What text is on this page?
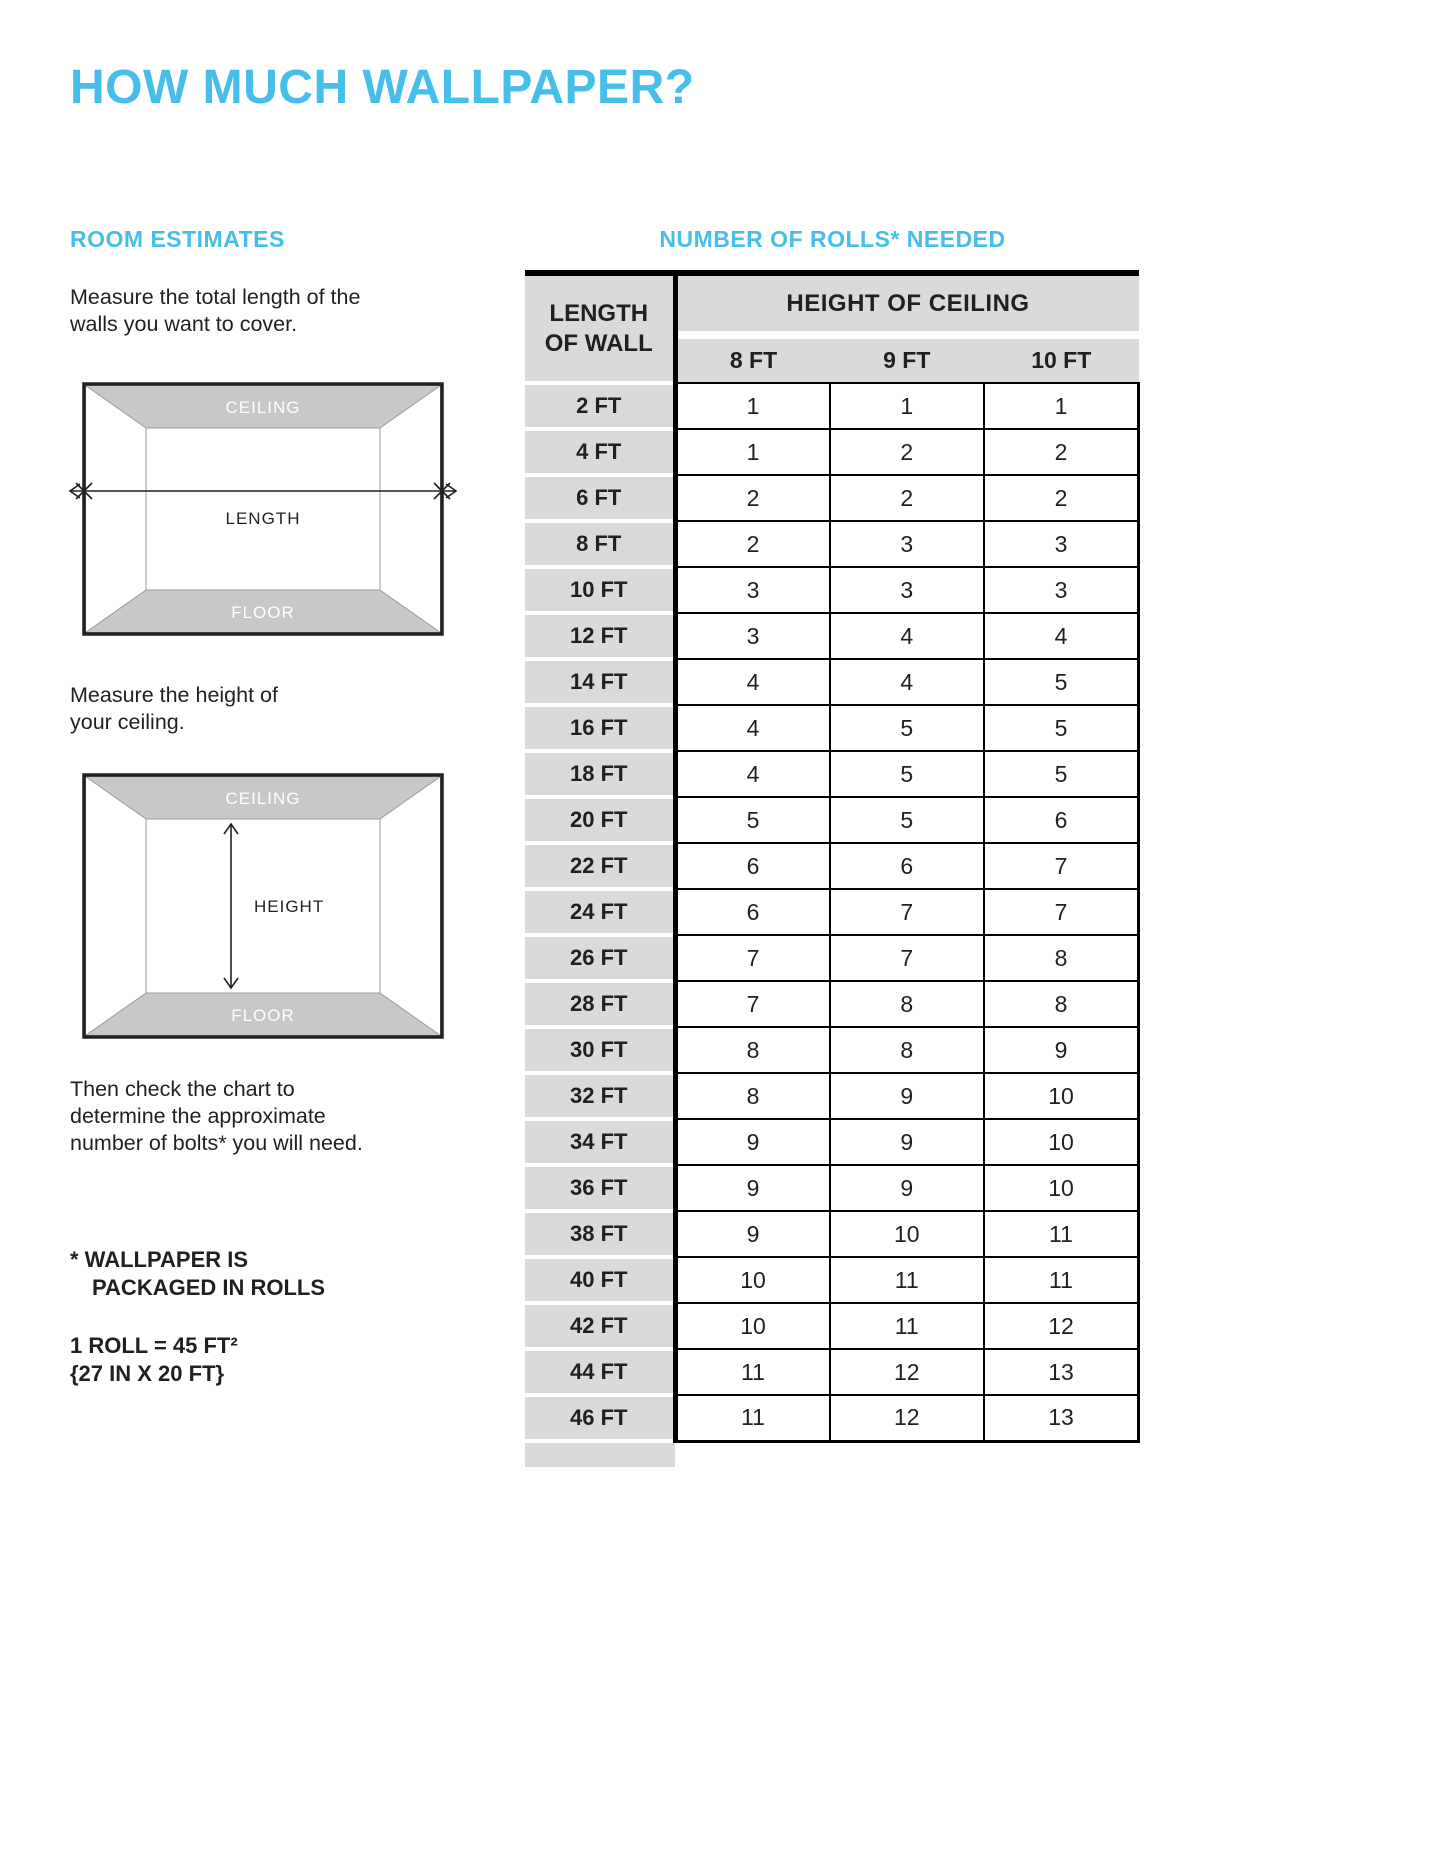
HOW MUCH WALLPAPER?
ROOM ESTIMATES	NUMBER OF ROLLS* NEEDED

Measure the total length of the walls you want to cover.

CEILING
FLOOR
LENGTH

Measure the height of your ceiling.

CEILING
FLOOR
HEIGHT

Then check the chart to determine the approximate number of bolts* you will need.

* WALLPAPER IS
PACKAGED IN ROLLS
1 ROLL = 45 FT²
{27 IN X 20 FT}
LENGTH OF WALL	HEIGHT OF CEILING		

	8 FT	9 FT	10 FT
2 FT	1	1	1
4 FT	1	2	2
6 FT	2	2	2
8 FT	2	3	3
10 FT	3	3	3
12 FT	3	4	4
14 FT	4	4	5
16 FT	4	5	5
18 FT	4	5	5
20 FT	5	5	6
22 FT	6	6	7
24 FT	6	7	7
26 FT	7	7	8
28 FT	7	8	8
30 FT	8	8	9
32 FT	8	9	10
34 FT	9	9	10
36 FT	9	9	10
38 FT	9	10	11
40 FT	10	11	11
42 FT	10	11	12
44 FT	11	12	13
46 FT	11	12	13
